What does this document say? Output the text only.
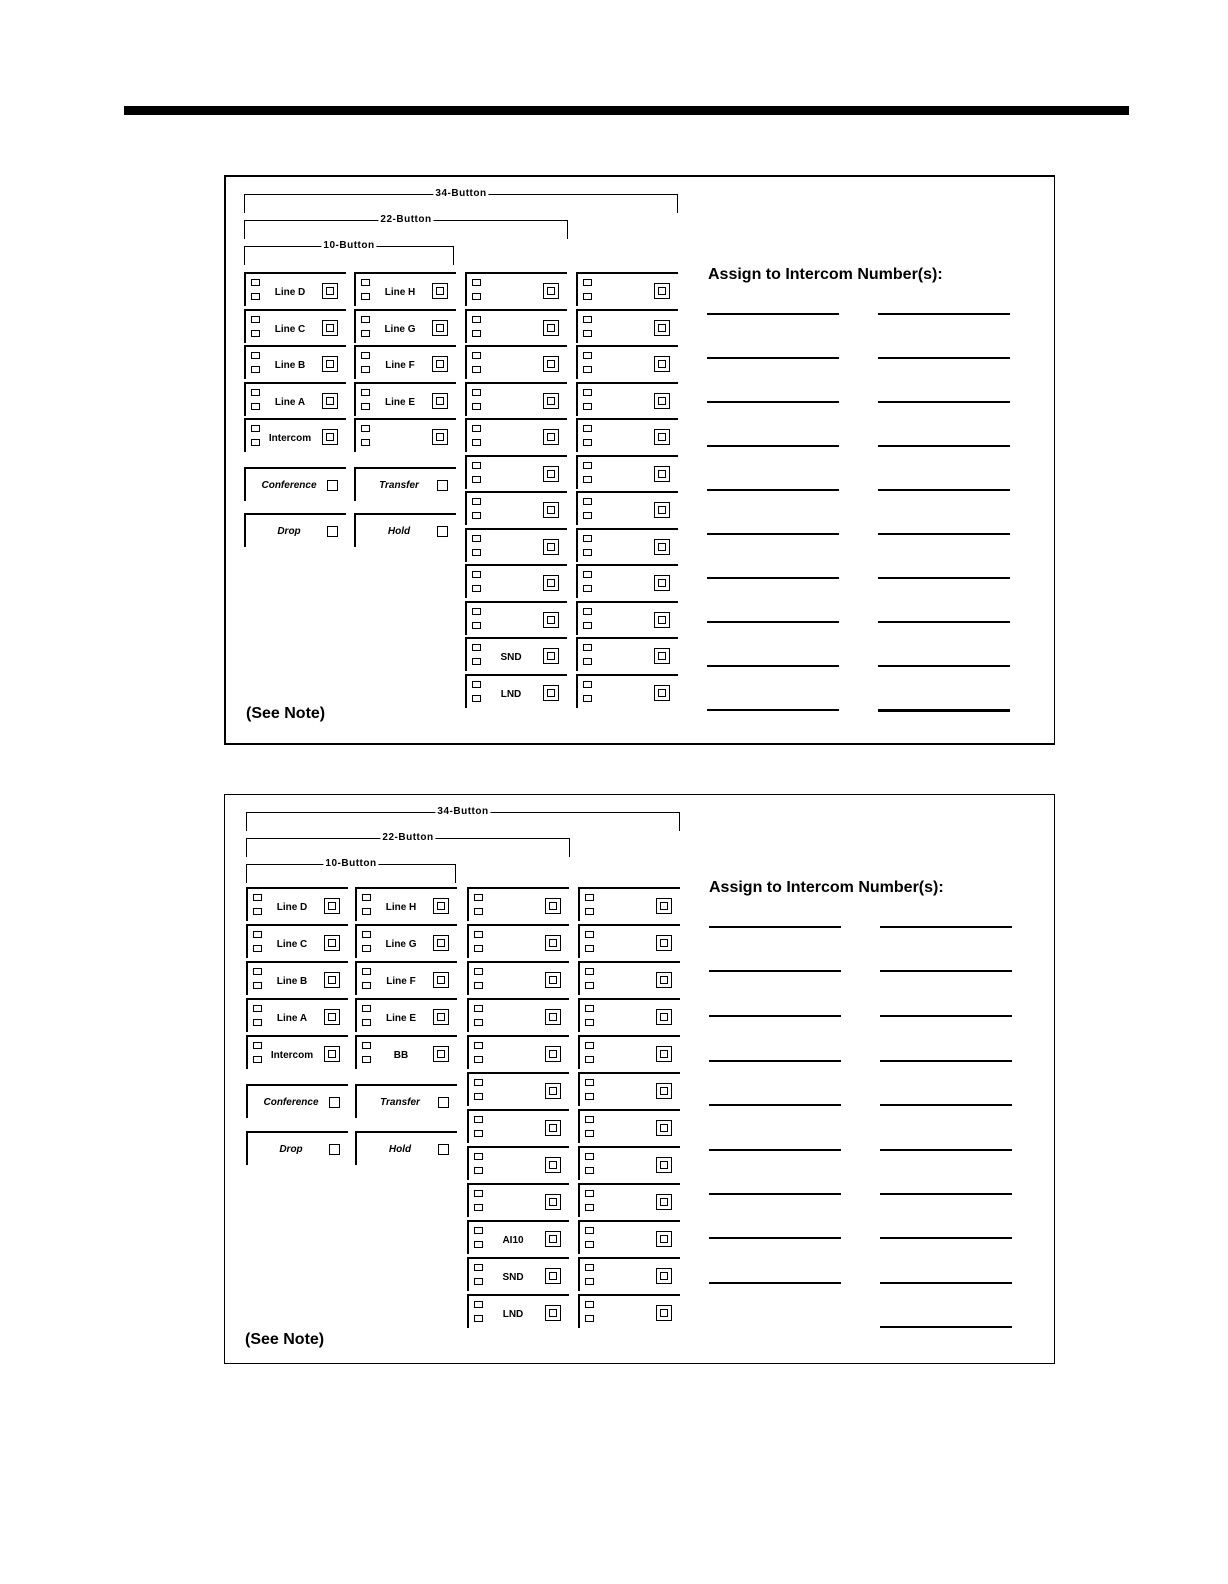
34-Button
22-Button
10-Button
Conference	Transfer
Drop	Hold
Assign to Intercom Number(s):
(See Note)
Line D
Line C
Line B
Line A
Intercom
Line H
Line G
Line F
Line E
SND
LND
34-Button
22-Button
10-Button
Conference	Transfer
Drop	Hold
Assign to Intercom Number(s):
(See Note)
Line D
Line C
Line B
Line A
Intercom
Line H
Line G
Line F
Line E
BB
AI10
SND
LND
